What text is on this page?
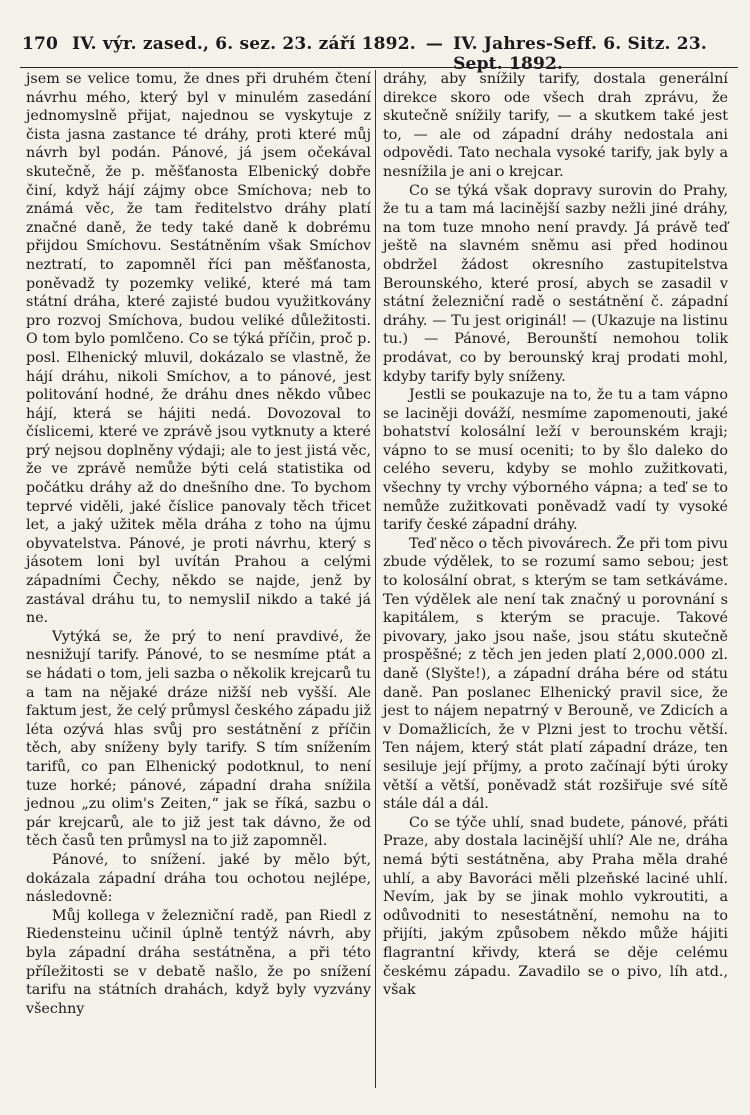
170 IV. výr. zased., 6. sez. 23. září 1892. — IV. Jahres-Seff. 6. Sitz. 23. Sept. 1892.

jsem se velice tomu, že dnes při druhém čtení návrhu mého, který byl v minulém zasedání jednomyslně přijat, najednou se vyskytuje z čista jasna zastance té dráhy, proti které můj návrh byl podán. Pánové, já jsem očekával skutečně, že p. měšťanosta Elbenický dobře činí, když hájí zájmy obce Smíchova; neb to známá věc, že tam ředitelstvo dráhy platí značné daně, že tedy také daně k dobrému přijdou Smíchovu. Sestátněním však Smíchov neztratí, to zapomněl říci pan měšťanosta, poněvadž ty pozemky veliké, které má tam státní dráha, které zajisté budou využitkovány pro rozvoj Smíchova, budou veliké důležitosti. O tom bylo pomlčeno. Co se týká příčin, proč p. posl. Elhenický mluvil, dokázalo se vlastně, že hájí dráhu, nikoli Smíchov, a to pánové, jest politování hodné, že dráhu dnes někdo vůbec hájí, která se hájiti nedá. Dovozoval to číslicemi, které ve zprávě jsou vytknuty a které prý nejsou doplněny výdaji; ale to jest jistá věc, že ve zprávě nemůže býti celá statistika od počátku dráhy až do dnešního dne. To bychom teprvé viděli, jaké číslice panovaly těch třicet let, a jaký užitek měla dráha z toho na újmu obyvatelstva. Pánové, je proti návrhu, který s jásotem loni byl uvítán Prahou a celými západními Čechy, někdo se najde, jenž by zastával dráhu tu, to nemysliI nikdo a také já ne.

Vytýká se, že prý to není pravdivé, že nesnižují tarify. Pánové, to se nesmíme ptát a se hádati o tom, jeli sazba o několik krejcarů tu a tam na nějaké dráze nižší neb vyšší. Ale faktum jest, že celý průmysl českého západu již léta ozývá hlas svůj pro sestátnění z příčin těch, aby sníženy byly tarify. S tím snížením tarifů, co pan Elhenický podotknul, to není tuze horké; pánové, západní draha snížila jednou „zu olim's Zeiten,“ jak se říká, sazbu o pár krejcarů, ale to již jest tak dávno, že od těch časů ten průmysl na to již zapomněl.

Pánové, to snížení. jaké by mělo být, dokázala západní dráha tou ochotou nejlépe, následovně:

Můj kollega v železniční radě, pan Riedl z Riedensteinu učinil úplně tentýž návrh, aby byla západní dráha sestátněna, a při této příležitosti se v debatě našlo, že po snížení tarifu na státních drahách, když byly vyzvány všechny

dráhy, aby snížily tarify, dostala generální direkce skoro ode všech drah zprávu, že skutečně snížily tarify, — a skutkem také jest to, — ale od západní dráhy nedostala ani odpovědi. Tato nechala vysoké tarify, jak byly a nesnížila je ani o krejcar.

Co se týká však dopravy surovin do Prahy, že tu a tam má lacinější sazby nežli jiné dráhy, na tom tuze mnoho není pravdy. Já právě teď ještě na slavném sněmu asi před hodinou obdržel žádost okresního zastupitelstva Berounského, které prosí, abych se zasadil v státní železniční radě o sestátnění č. západní dráhy. — Tu jest originál! — (Ukazuje na listinu tu.) — Pánové, Berounští nemohou tolik prodávat, co by berounský kraj prodati mohl, kdyby tarify byly sníženy.

Jestli se poukazuje na to, že tu a tam vápno se laciněji dováží, nesmíme zapomenouti, jaké bohatství kolosální leží v berounském kraji; vápno to se musí oceniti; to by šlo daleko do celého severu, kdyby se mohlo zužitkovati, všechny ty vrchy výborného vápna; a teď se to nemůže zužitkovati poněvadž vadí ty vysoké tarify české západní dráhy.

Teď něco o těch pivovárech. Že při tom pivu zbude výdělek, to se rozumí samo sebou; jest to kolosální obrat, s kterým se tam setkáváme. Ten výdělek ale není tak značný u porovnání s kapitálem, s kterým se pracuje. Takové pivovary, jako jsou naše, jsou státu skutečně prospěšné; z těch jen jeden platí 2,000.000 zl. daně (Slyšte!), a západní dráha bére od státu daně. Pan poslanec Elhenický pravil sice, že jest to nájem nepatrný v Berouně, ve Zdicích a v Domažlicích, že v Plzni jest to trochu větší. Ten nájem, který stát platí západní dráze, ten sesiluje její příjmy, a proto začínají býti úroky větší a větší, poněvadž stát rozšiřuje své sítě stále dál a dál.

Co se týče uhlí, snad budete, pánové, přáti Praze, aby dostala lacinější uhlí? Ale ne, dráha nemá býti sestátněna, aby Praha měla drahé uhlí, a aby Bavoráci měli plzeňské laciné uhlí. Nevím, jak by se jinak mohlo vykroutiti, a odůvodniti to nesestátnění, nemohu na to přijíti, jakým způsobem někdo může hájiti flagrantní křivdy, která se děje celému českému západu. Zavadilo se o pivo, líh atd., však
